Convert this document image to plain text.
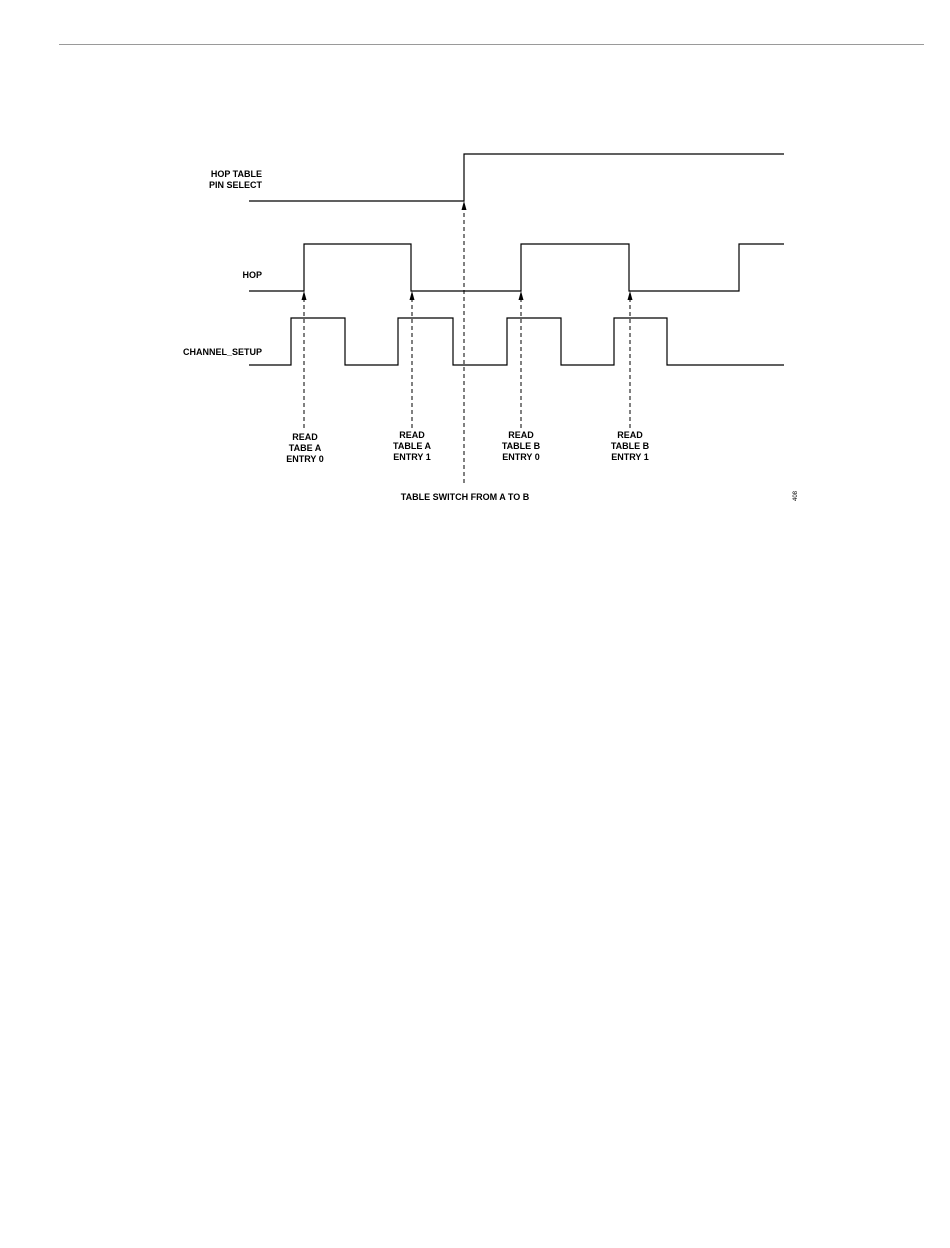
HOP TABLE
PIN SELECT
HOP
CHANNEL_SETUP
READ
TABE A
ENTRY 0
READ
TABLE A
ENTRY 1
READ
TABLE B
ENTRY 0
READ
TABLE B
ENTRY 1
TABLE SWITCH FROM A TO B	408
